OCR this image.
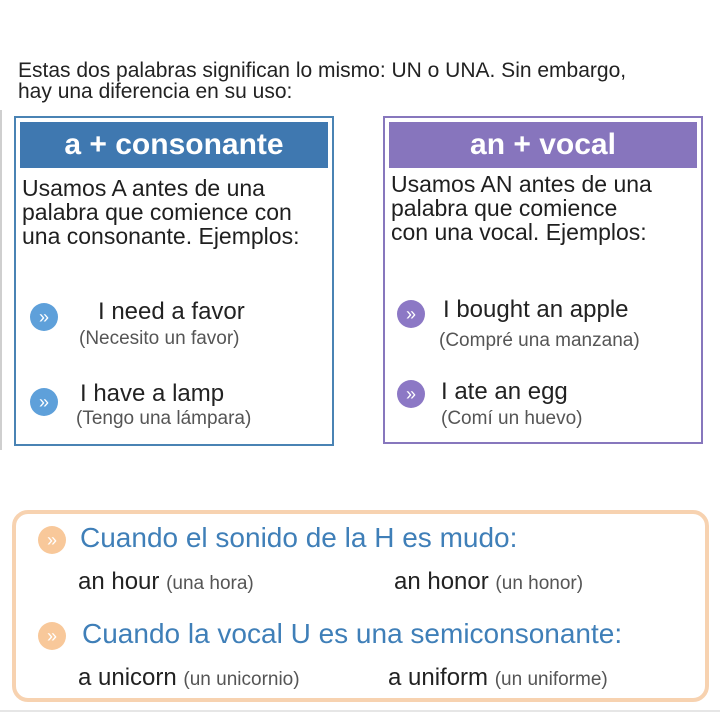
Estas dos palabras significan lo mismo: UN o UNA. Sin embargo,
hay una diferencia en su uso:
a + consonante
Usamos A antes de una
palabra que comience con
una consonante. Ejemplos:
»	I need a favor
(Necesito un favor)
»	I have a lamp
(Tengo una lámpara)
an + vocal
Usamos AN antes de una
palabra que comience
con una vocal. Ejemplos:
»	I bought an apple
(Compré una manzana)
»	I ate an egg
(Comí un huevo)
» Cuando el sonido de la H es mudo:
an hour (una hora)	an honor (un honor)
» Cuando la vocal U es una semiconsonante:
a unicorn (un unicornio)	a uniform (un uniforme)
